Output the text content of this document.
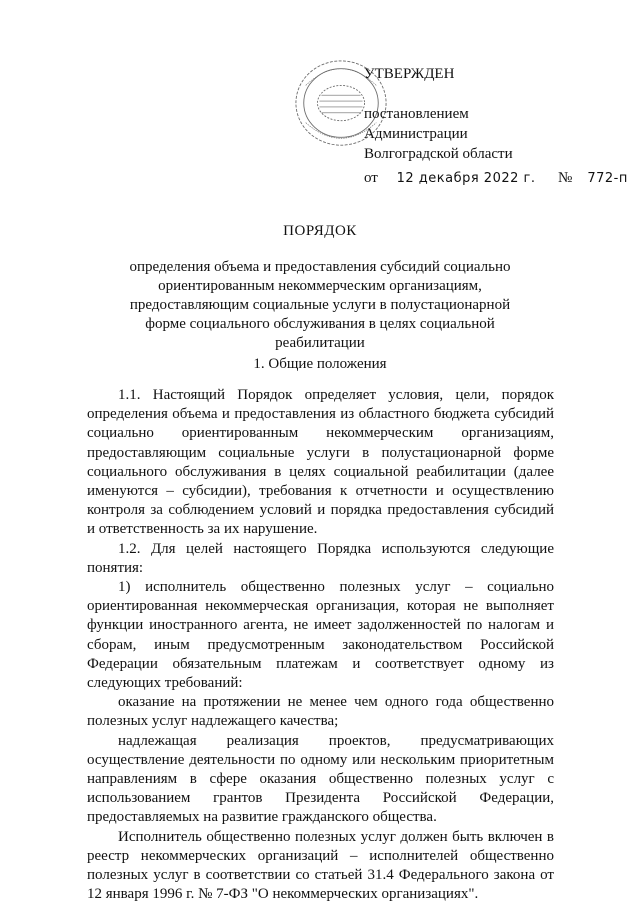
УТВЕРЖДЕН
постановлением
Администрации
Волгоградской области
от 12 декабря 2022 г. № 772-п
ПОРЯДОК
определения объема и предоставления субсидий социально ориентированным некоммерческим организациям, предоставляющим социальные услуги в полустационарной форме социального обслуживания в целях социальной реабилитации
1. Общие положения

1.1. Настоящий Порядок определяет условия, цели, порядок определения объема и предоставления из областного бюджета субсидий социально ориентированным некоммерческим организациям, предоставляющим социальные услуги в полустационарной форме социального обслуживания в целях социальной реабилитации (далее именуются – субсидии), требования к отчетности и осуществлению контроля за соблюдением условий и порядка предоставления субсидий и ответственность за их нарушение.

1.2. Для целей настоящего Порядка используются следующие понятия:

1) исполнитель общественно полезных услуг – социально ориентированная некоммерческая организация, которая не выполняет функции иностранного агента, не имеет задолженностей по налогам и сборам, иным предусмотренным законодательством Российской Федерации обязательным платежам и соответствует одному из следующих требований:

оказание на протяжении не менее чем одного года общественно полезных услуг надлежащего качества;

надлежащая реализация проектов, предусматривающих осуществление деятельности по одному или нескольким приоритетным направлениям в сфере оказания общественно полезных услуг с использованием грантов Президента Российской Федерации, предоставляемых на развитие гражданского общества.

Исполнитель общественно полезных услуг должен быть включен в реестр некоммерческих организаций – исполнителей общественно полезных услуг в соответствии со статьей 31.4 Федерального закона от 12 января 1996 г. № 7-ФЗ "О некоммерческих организациях".
